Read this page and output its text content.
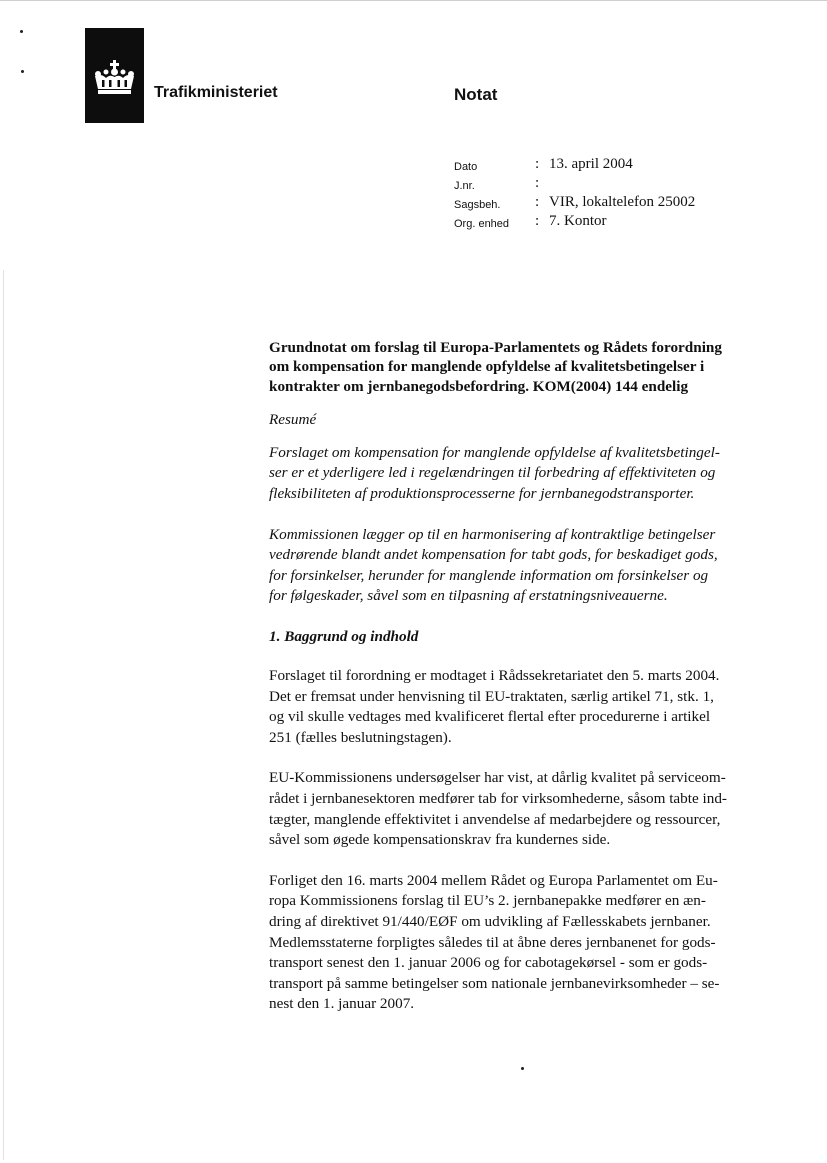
Trafikministeriet	Notat
Dato	: 13. april 2004
J.nr.	:
Sagsbeh. : VIR, lokaltelefon 25002
Org. enhed : 7. Kontor
Grundnotat om forslag til Europa-Parlamentets og Rådets forordning
om kompensation for manglende opfyldelse af kvalitetsbetingelser i
kontrakter om jernbanegodsbefordring. KOM(2004) 144 endelig
Resumé
Forslaget om kompensation for manglende opfyldelse af kvalitetsbetingel-
ser er et yderligere led i regelændringen til forbedring af effektiviteten og
fleksibiliteten af produktionsprocesserne for jernbanegodstransporter.
Kommissionen lægger op til en harmonisering af kontraktlige betingelser
vedrørende blandt andet kompensation for tabt gods, for beskadiget gods,
for forsinkelser, herunder for manglende information om forsinkelser og
for følgeskader, såvel som en tilpasning af erstatningsniveauerne.
1. Baggrund og indhold
Forslaget til forordning er modtaget i Rådssekretariatet den 5. marts 2004.
Det er fremsat under henvisning til EU-traktaten, særlig artikel 71, stk. 1,
og vil skulle vedtages med kvalificeret flertal efter procedurerne i artikel
251 (fælles beslutningstagen).
EU-Kommissionens undersøgelser har vist, at dårlig kvalitet på serviceom-
rådet i jernbanesektoren medfører tab for virksomhederne, såsom tabte ind-
tægter, manglende effektivitet i anvendelse af medarbejdere og ressourcer,
såvel som øgede kompensationskrav fra kundernes side.
Forliget den 16. marts 2004 mellem Rådet og Europa Parlamentet om Eu-
ropa Kommissionens forslag til EU’s 2. jernbanepakke medfører en æn-
dring af direktivet 91/440/EØF om udvikling af Fællesskabets jernbaner.
Medlemsstaterne forpligtes således til at åbne deres jernbanenet for gods-
transport senest den 1. januar 2006 og for cabotagekørsel - som er gods-
transport på samme betingelser som nationale jernbanevirksomheder – se-
nest den 1. januar 2007.
